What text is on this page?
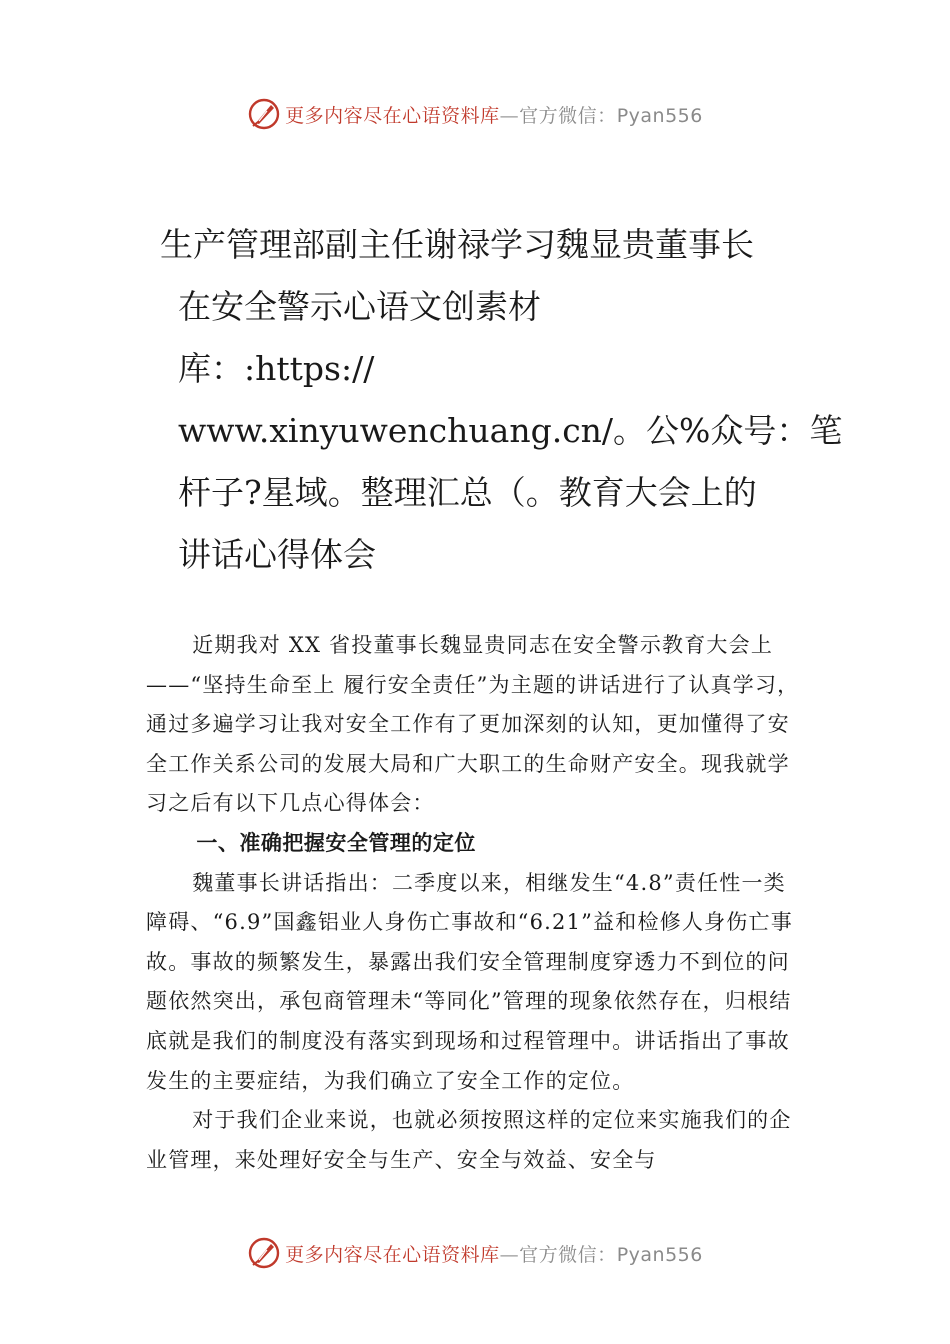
更多内容尽在心语资料库—官方微信：Pyan556
生产管理部副主任谢禄学习魏显贵董事长
在安全警示心语文创素材
库：:https://
www.xinyuwenchuang.cn/。公%众号：笔
杆子?星域。整理汇总（。教育大会上的
讲话心得体会

近期我对 XX 省投董事长魏显贵同志在安全警示教育大会上——“坚持生命至上 履行安全责任”为主题的讲话进行了认真学习，通过多遍学习让我对安全工作有了更加深刻的认知，更加懂得了安全工作关系公司的发展大局和广大职工的生命财产安全。现我就学习之后有以下几点心得体会：

一、准确把握安全管理的定位

魏董事长讲话指出：二季度以来，相继发生“4.8”责任性一类障碍、“6.9”国鑫铝业人身伤亡事故和“6.21”益和检修人身伤亡事故。事故的频繁发生，暴露出我们安全管理制度穿透力不到位的问题依然突出，承包商管理未“等同化”管理的现象依然存在，归根结底就是我们的制度没有落实到现场和过程管理中。讲话指出了事故发生的主要症结，为我们确立了安全工作的定位。

对于我们企业来说，也就必须按照这样的定位来实施我们的企业管理，来处理好安全与生产、安全与效益、安全与

更多内容尽在心语资料库—官方微信：Pyan556
